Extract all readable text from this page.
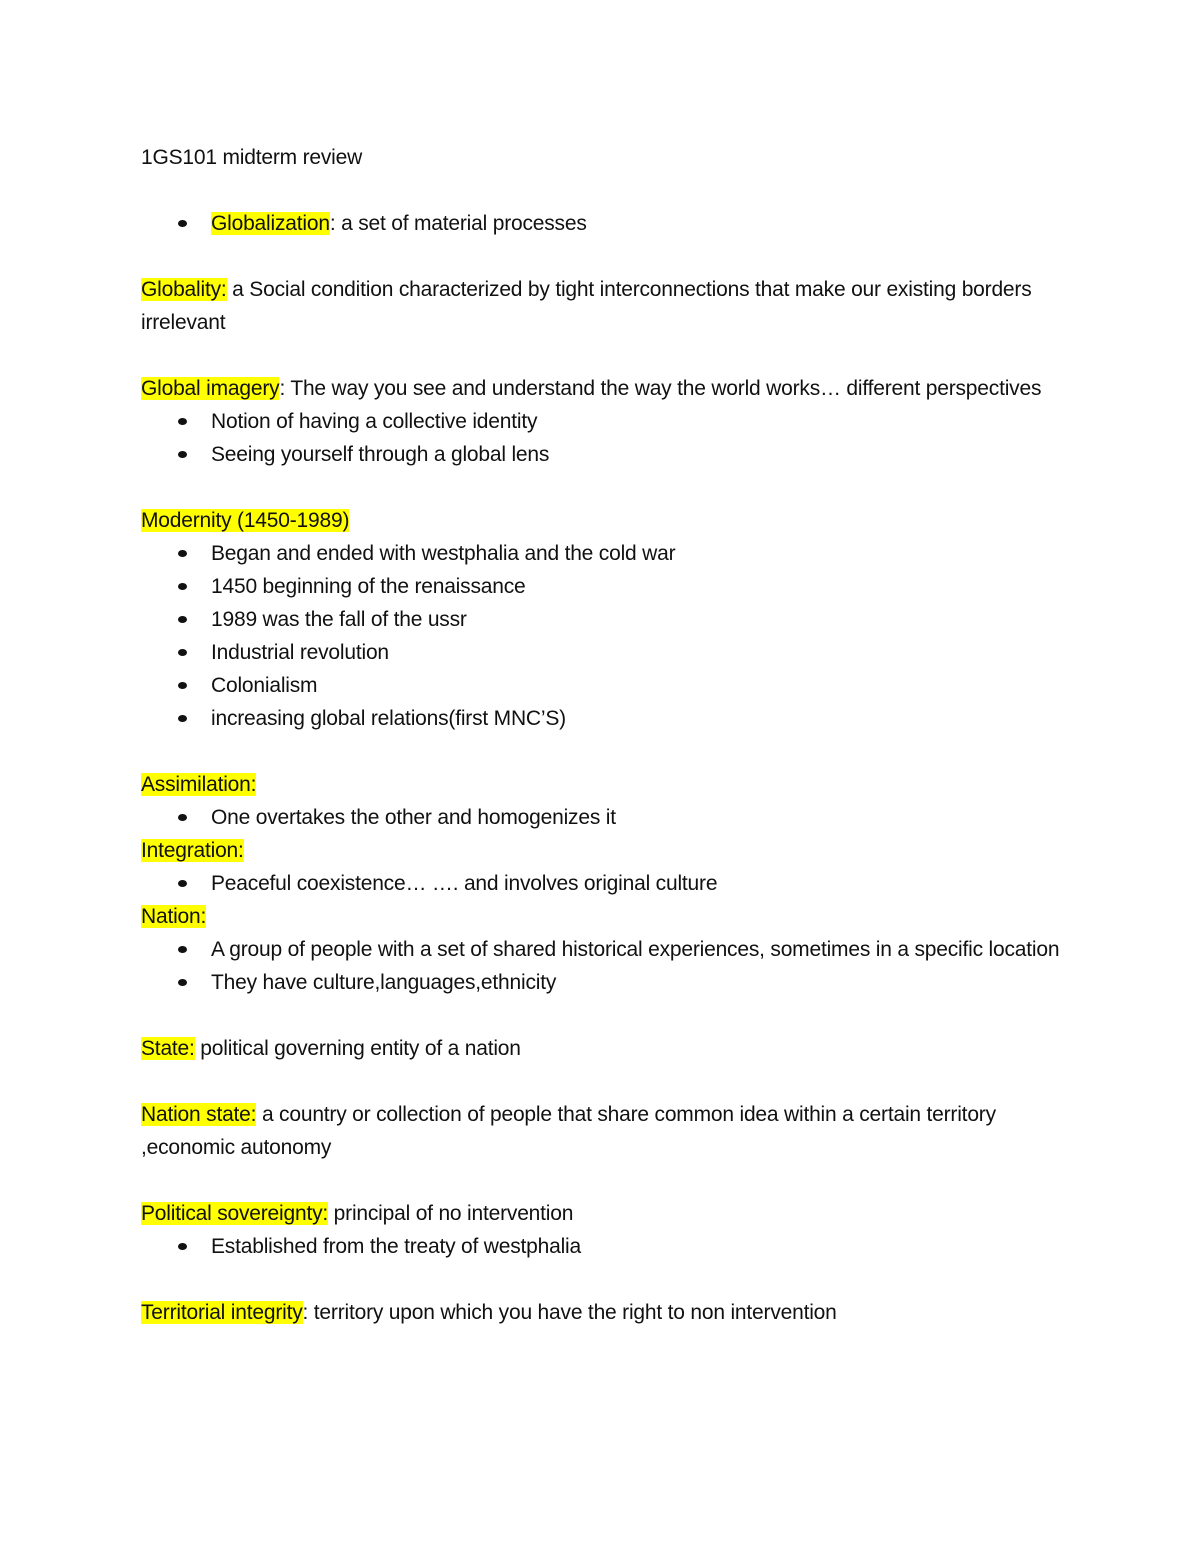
1GS101 midterm review

Globalization: a set of material processes

Globality: a Social condition characterized by tight interconnections that make our existing borders irrelevant

Global imagery: The way you see and understand the way the world works… different perspectives

Notion of having a collective identity
Seeing yourself through a global lens

Modernity (1450-1989)

Began and ended with westphalia and the cold war
1450 beginning of the renaissance
1989 was the fall of the ussr
Industrial revolution
Colonialism
increasing global relations(first MNC’S)

Assimilation:

One overtakes the other and homogenizes it

Integration:

Peaceful coexistence… …. and involves original culture

Nation:

A group of people with a set of shared historical experiences, sometimes in a specific location
They have culture,languages,ethnicity

State: political governing entity of a nation

Nation state: a country or collection of people that share common idea within a certain territory ,economic autonomy

Political sovereignty: principal of no intervention

Established from the treaty of westphalia

Territorial integrity: territory upon which you have the right to non intervention
